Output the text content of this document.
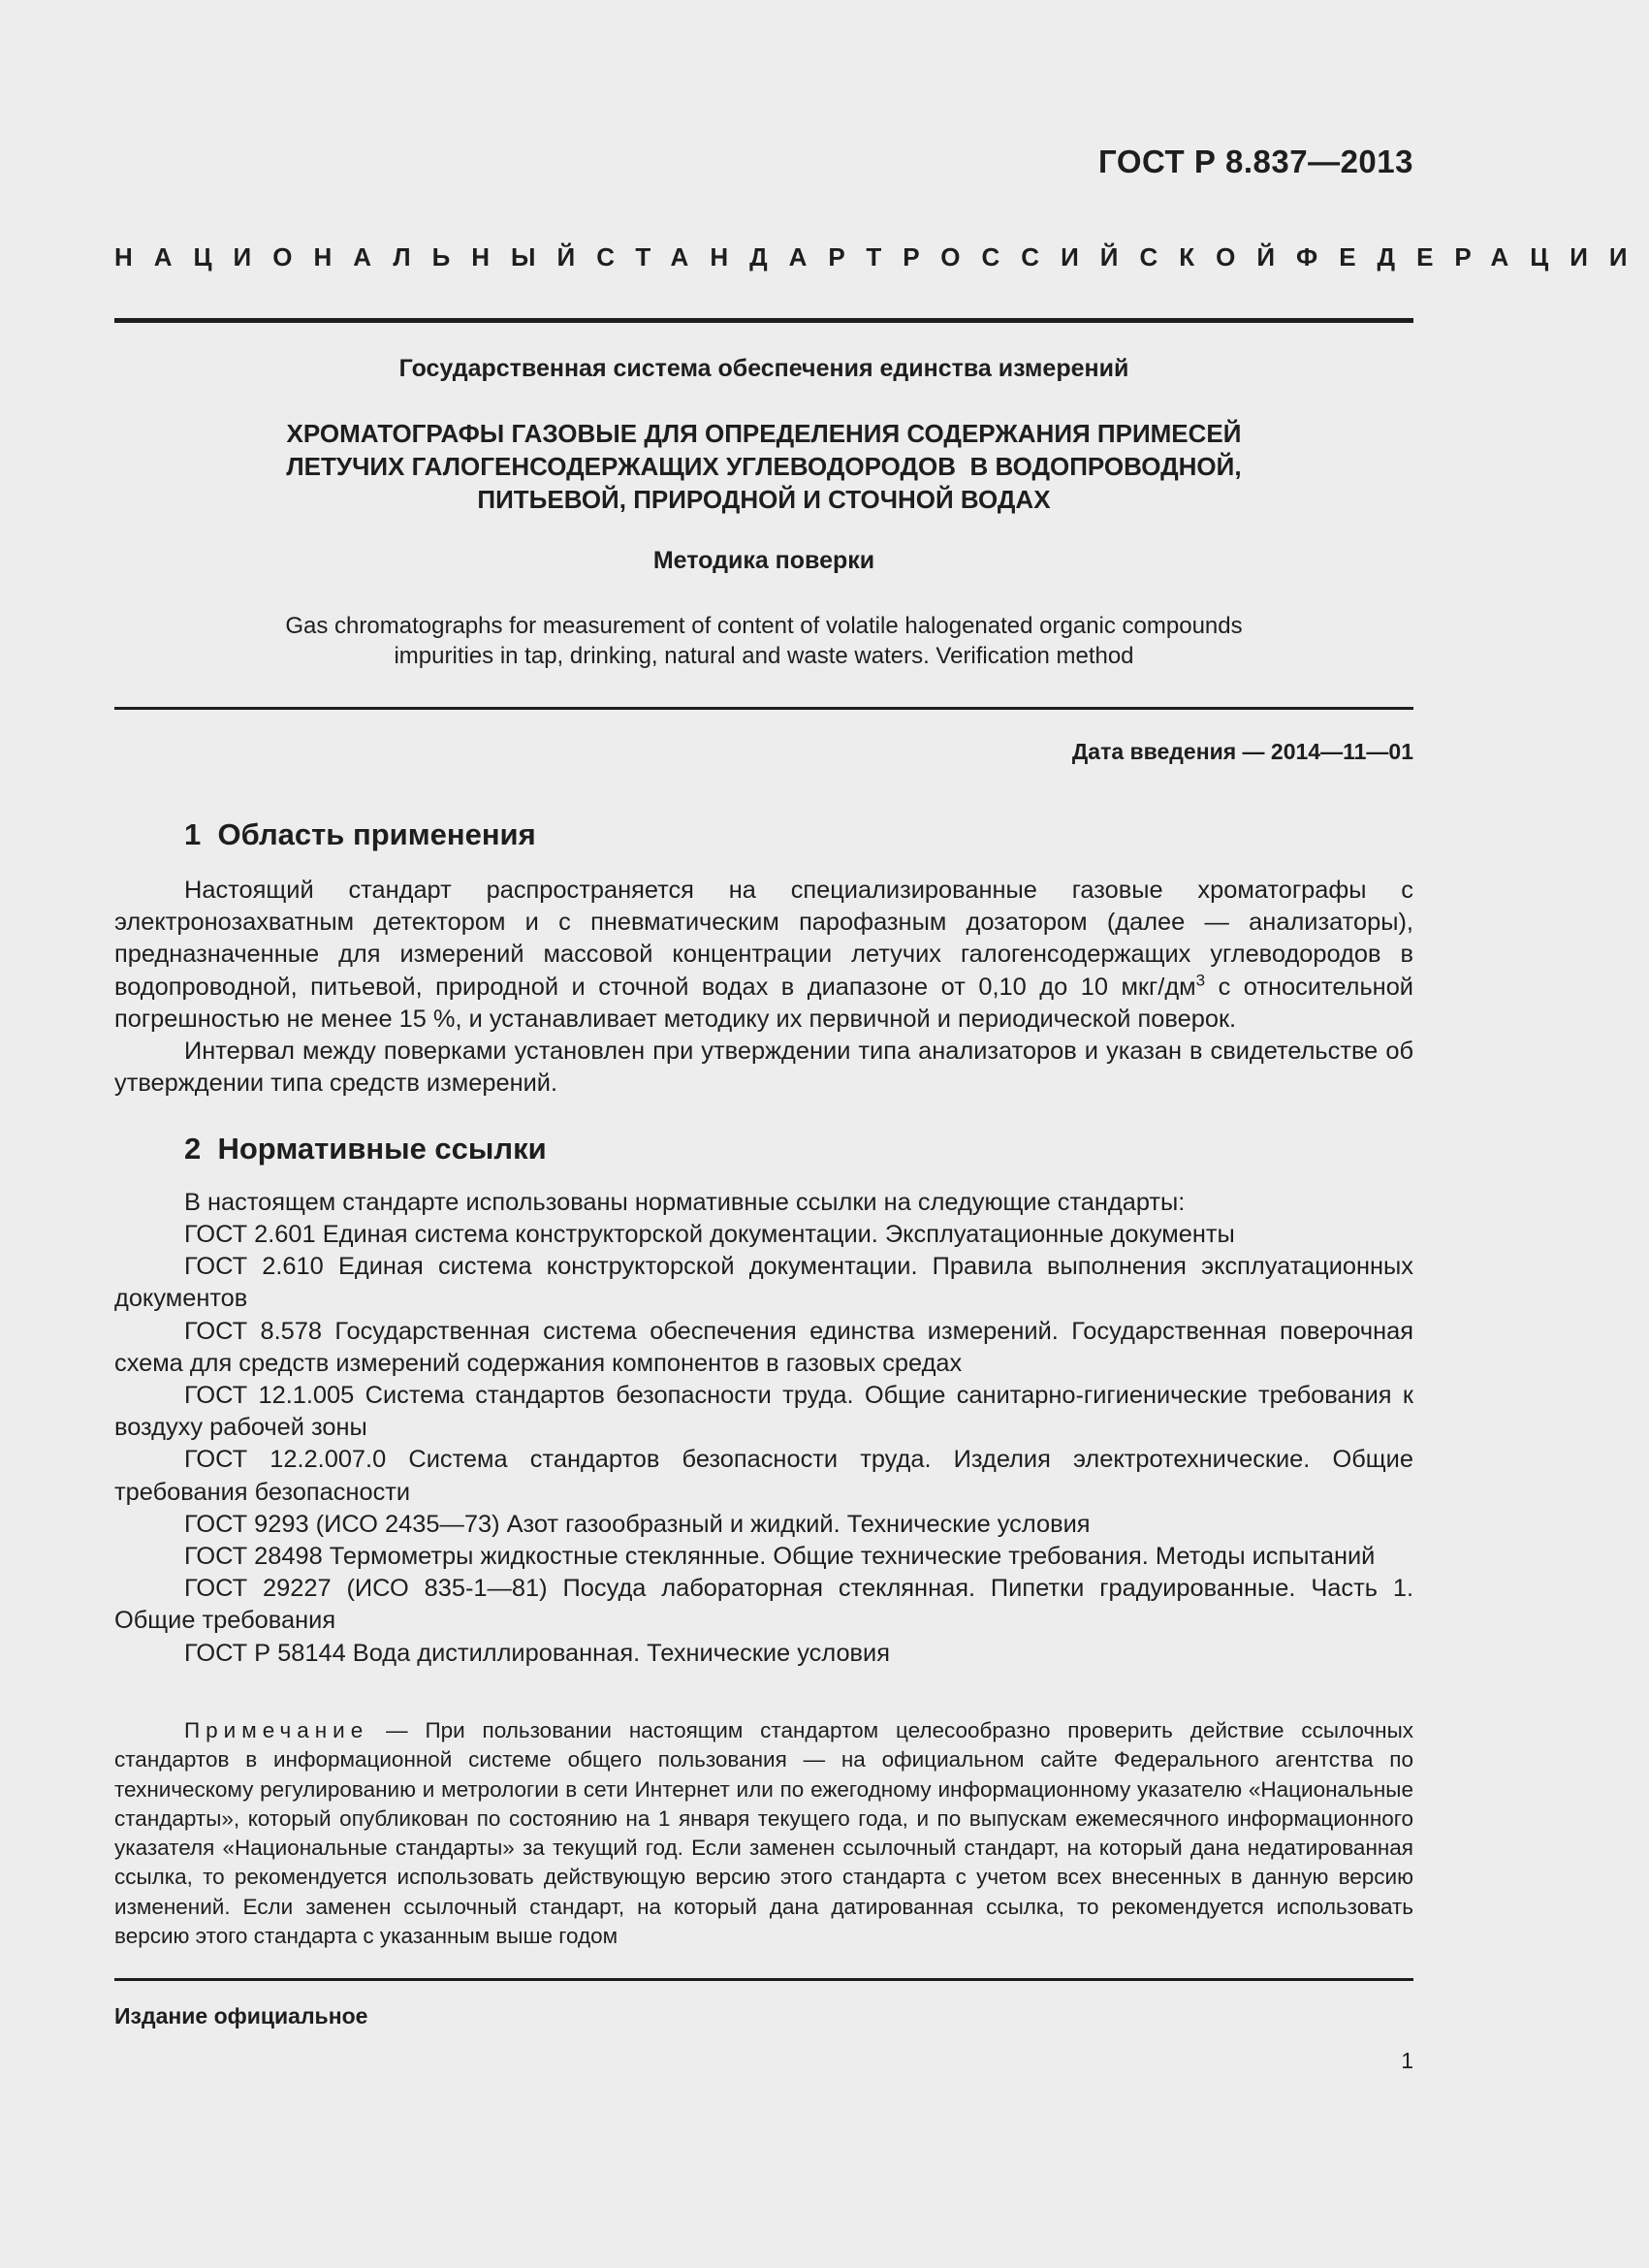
ГОСТ Р 8.837—2013
НАЦИОНАЛЬНЫЙ СТАНДАРТ РОССИЙСКОЙ ФЕДЕРАЦИИ
Государственная система обеспечения единства измерений
ХРОМАТОГРАФЫ ГАЗОВЫЕ ДЛЯ ОПРЕДЕЛЕНИЯ СОДЕРЖАНИЯ ПРИМЕСЕЙ
ЛЕТУЧИХ ГАЛОГЕНСОДЕРЖАЩИХ УГЛЕВОДОРОДОВ  В ВОДОПРОВОДНОЙ,
ПИТЬЕВОЙ, ПРИРОДНОЙ И СТОЧНОЙ ВОДАХ
Методика поверки
Gas chromatographs for measurement of content of volatile halogenated organic compounds
impurities in tap, drinking, natural and waste waters. Verification method
Дата введения — 2014—11—01
1  Область применения

Настоящий стандарт распространяется на специализированные газовые хроматографы с электронозахватным детектором и с пневматическим парофазным дозатором (далее — анализаторы), предназначенные для измерений массовой концентрации летучих галогенсодержащих углеводородов в водопроводной, питьевой, природной и сточной водах в диапазоне от 0,10 до 10 мкг/$дм^3$ с относительной погрешностью не менее 15 %, и устанавливает методику их первичной и периодической поверок.

Интервал между поверками установлен при утверждении типа анализаторов и указан в свидетельстве об утверждении типа средств измерений.

2  Нормативные ссылки

В настоящем стандарте использованы нормативные ссылки на следующие стандарты:

ГОСТ 2.601 Единая система конструкторской документации. Эксплуатационные документы

ГОСТ 2.610 Единая система конструкторской документации. Правила выполнения эксплуатационных документов

ГОСТ 8.578 Государственная система обеспечения единства измерений. Государственная поверочная схема для средств измерений содержания компонентов в газовых средах

ГОСТ 12.1.005 Система стандартов безопасности труда. Общие санитарно-гигиенические требования к воздуху рабочей зоны

ГОСТ 12.2.007.0 Система стандартов безопасности труда. Изделия электротехнические. Общие требования безопасности

ГОСТ 9293 (ИСО 2435—73) Азот газообразный и жидкий. Технические условия

ГОСТ 28498 Термометры жидкостные стеклянные. Общие технические требования. Методы испытаний

ГОСТ 29227 (ИСО 835-1—81) Посуда лабораторная стеклянная. Пипетки градуированные. Часть 1. Общие требования

ГОСТ Р 58144 Вода дистиллированная. Технические условия

Примечание — При пользовании настоящим стандартом целесообразно проверить действие ссылочных стандартов в информационной системе общего пользования — на официальном сайте Федерального агентства по техническому регулированию и метрологии в сети Интернет или по ежегодному информационному указателю «Национальные стандарты», который опубликован по состоянию на 1 января текущего года, и по выпускам ежемесячного информационного указателя «Национальные стандарты» за текущий год. Если заменен ссылочный стандарт, на который дана недатированная ссылка, то рекомендуется использовать действующую версию этого стандарта с учетом всех внесенных в данную версию изменений. Если заменен ссылочный стандарт, на который дана датированная ссылка, то рекомендуется использовать версию этого стандарта с указанным выше годом

Издание официальное
1
